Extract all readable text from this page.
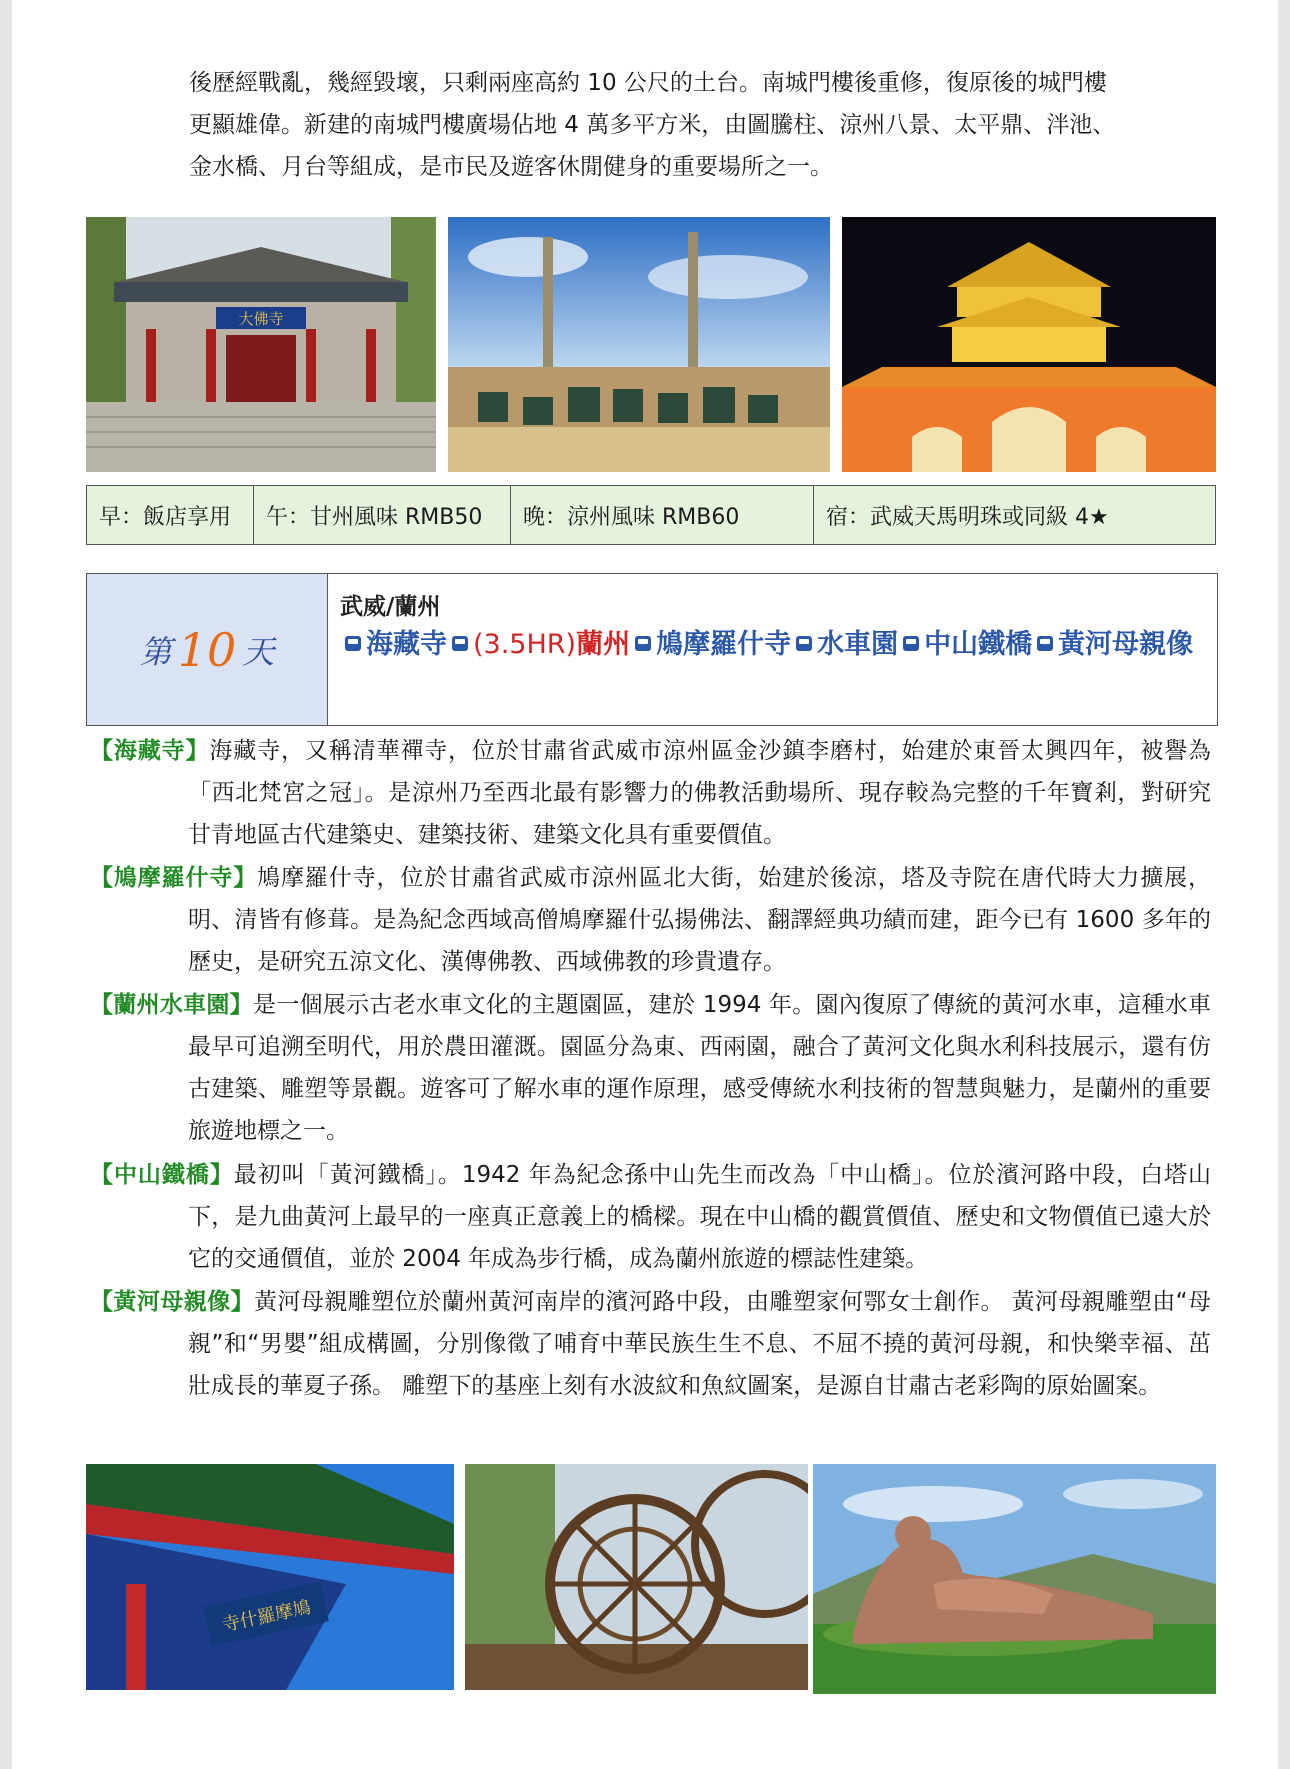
後歷經戰亂，幾經毀壞，只剩兩座高約 10 公尺的土台。南城門樓後重修，復原後的城門樓
更顯雄偉。新建的南城門樓廣場佔地 4 萬多平方米，由圖騰柱、涼州八景、太平鼎、泮池、
金水橋、月台等組成，是市民及遊客休閒健身的重要場所之一。
大佛寺
早：飯店享用	午：甘州風味 RMB50	晚：涼州風味 RMB60	宿：武威天馬明珠或同級 4★
第 10 天
武威/蘭州
海藏寺 (3.5HR)蘭州 鳩摩羅什寺 水車園 中山鐵橋 黃河母親像
【海藏寺】海藏寺，又稱清華禪寺，位於甘肅省武威市涼州區金沙鎮李磨村，始建於東晉太興四年，被譽為「西北梵宮之冠」。是涼州乃至西北最有影響力的佛教活動場所、現存較為完整的千年寶剎，對研究甘青地區古代建築史、建築技術、建築文化具有重要價值。
【鳩摩羅什寺】鳩摩羅什寺，位於甘肅省武威市涼州區北大街，始建於後涼，塔及寺院在唐代時大力擴展，明、清皆有修葺。是為紀念西域高僧鳩摩羅什弘揚佛法、翻譯經典功績而建，距今已有 1600 多年的歷史，是研究五涼文化、漢傳佛教、西域佛教的珍貴遺存。
【蘭州水車園】是一個展示古老水車文化的主題園區，建於 1994 年。園內復原了傳統的黃河水車，這種水車最早可追溯至明代，用於農田灌溉。園區分為東、西兩園，融合了黃河文化與水利科技展示，還有仿古建築、雕塑等景觀。遊客可了解水車的運作原理，感受傳統水利技術的智慧與魅力，是蘭州的重要旅遊地標之一。
【中山鐵橋】最初叫「黃河鐵橋」。1942 年為紀念孫中山先生而改為「中山橋」。位於濱河路中段，白塔山下，是九曲黃河上最早的一座真正意義上的橋樑。現在中山橋的觀賞價值、歷史和文物價值已遠大於它的交通價值，並於 2004 年成為步行橋，成為蘭州旅遊的標誌性建築。
【黃河母親像】黃河母親雕塑位於蘭州黃河南岸的濱河路中段，由雕塑家何鄂女士創作。 黃河母親雕塑由“母親”和“男嬰”組成構圖，分別像徵了哺育中華民族生生不息、不屈不撓的黃河母親，和快樂幸福、茁壯成長的華夏子孫。 雕塑下的基座上刻有水波紋和魚紋圖案，是源自甘肅古老彩陶的原始圖案。
寺什羅摩鳩
